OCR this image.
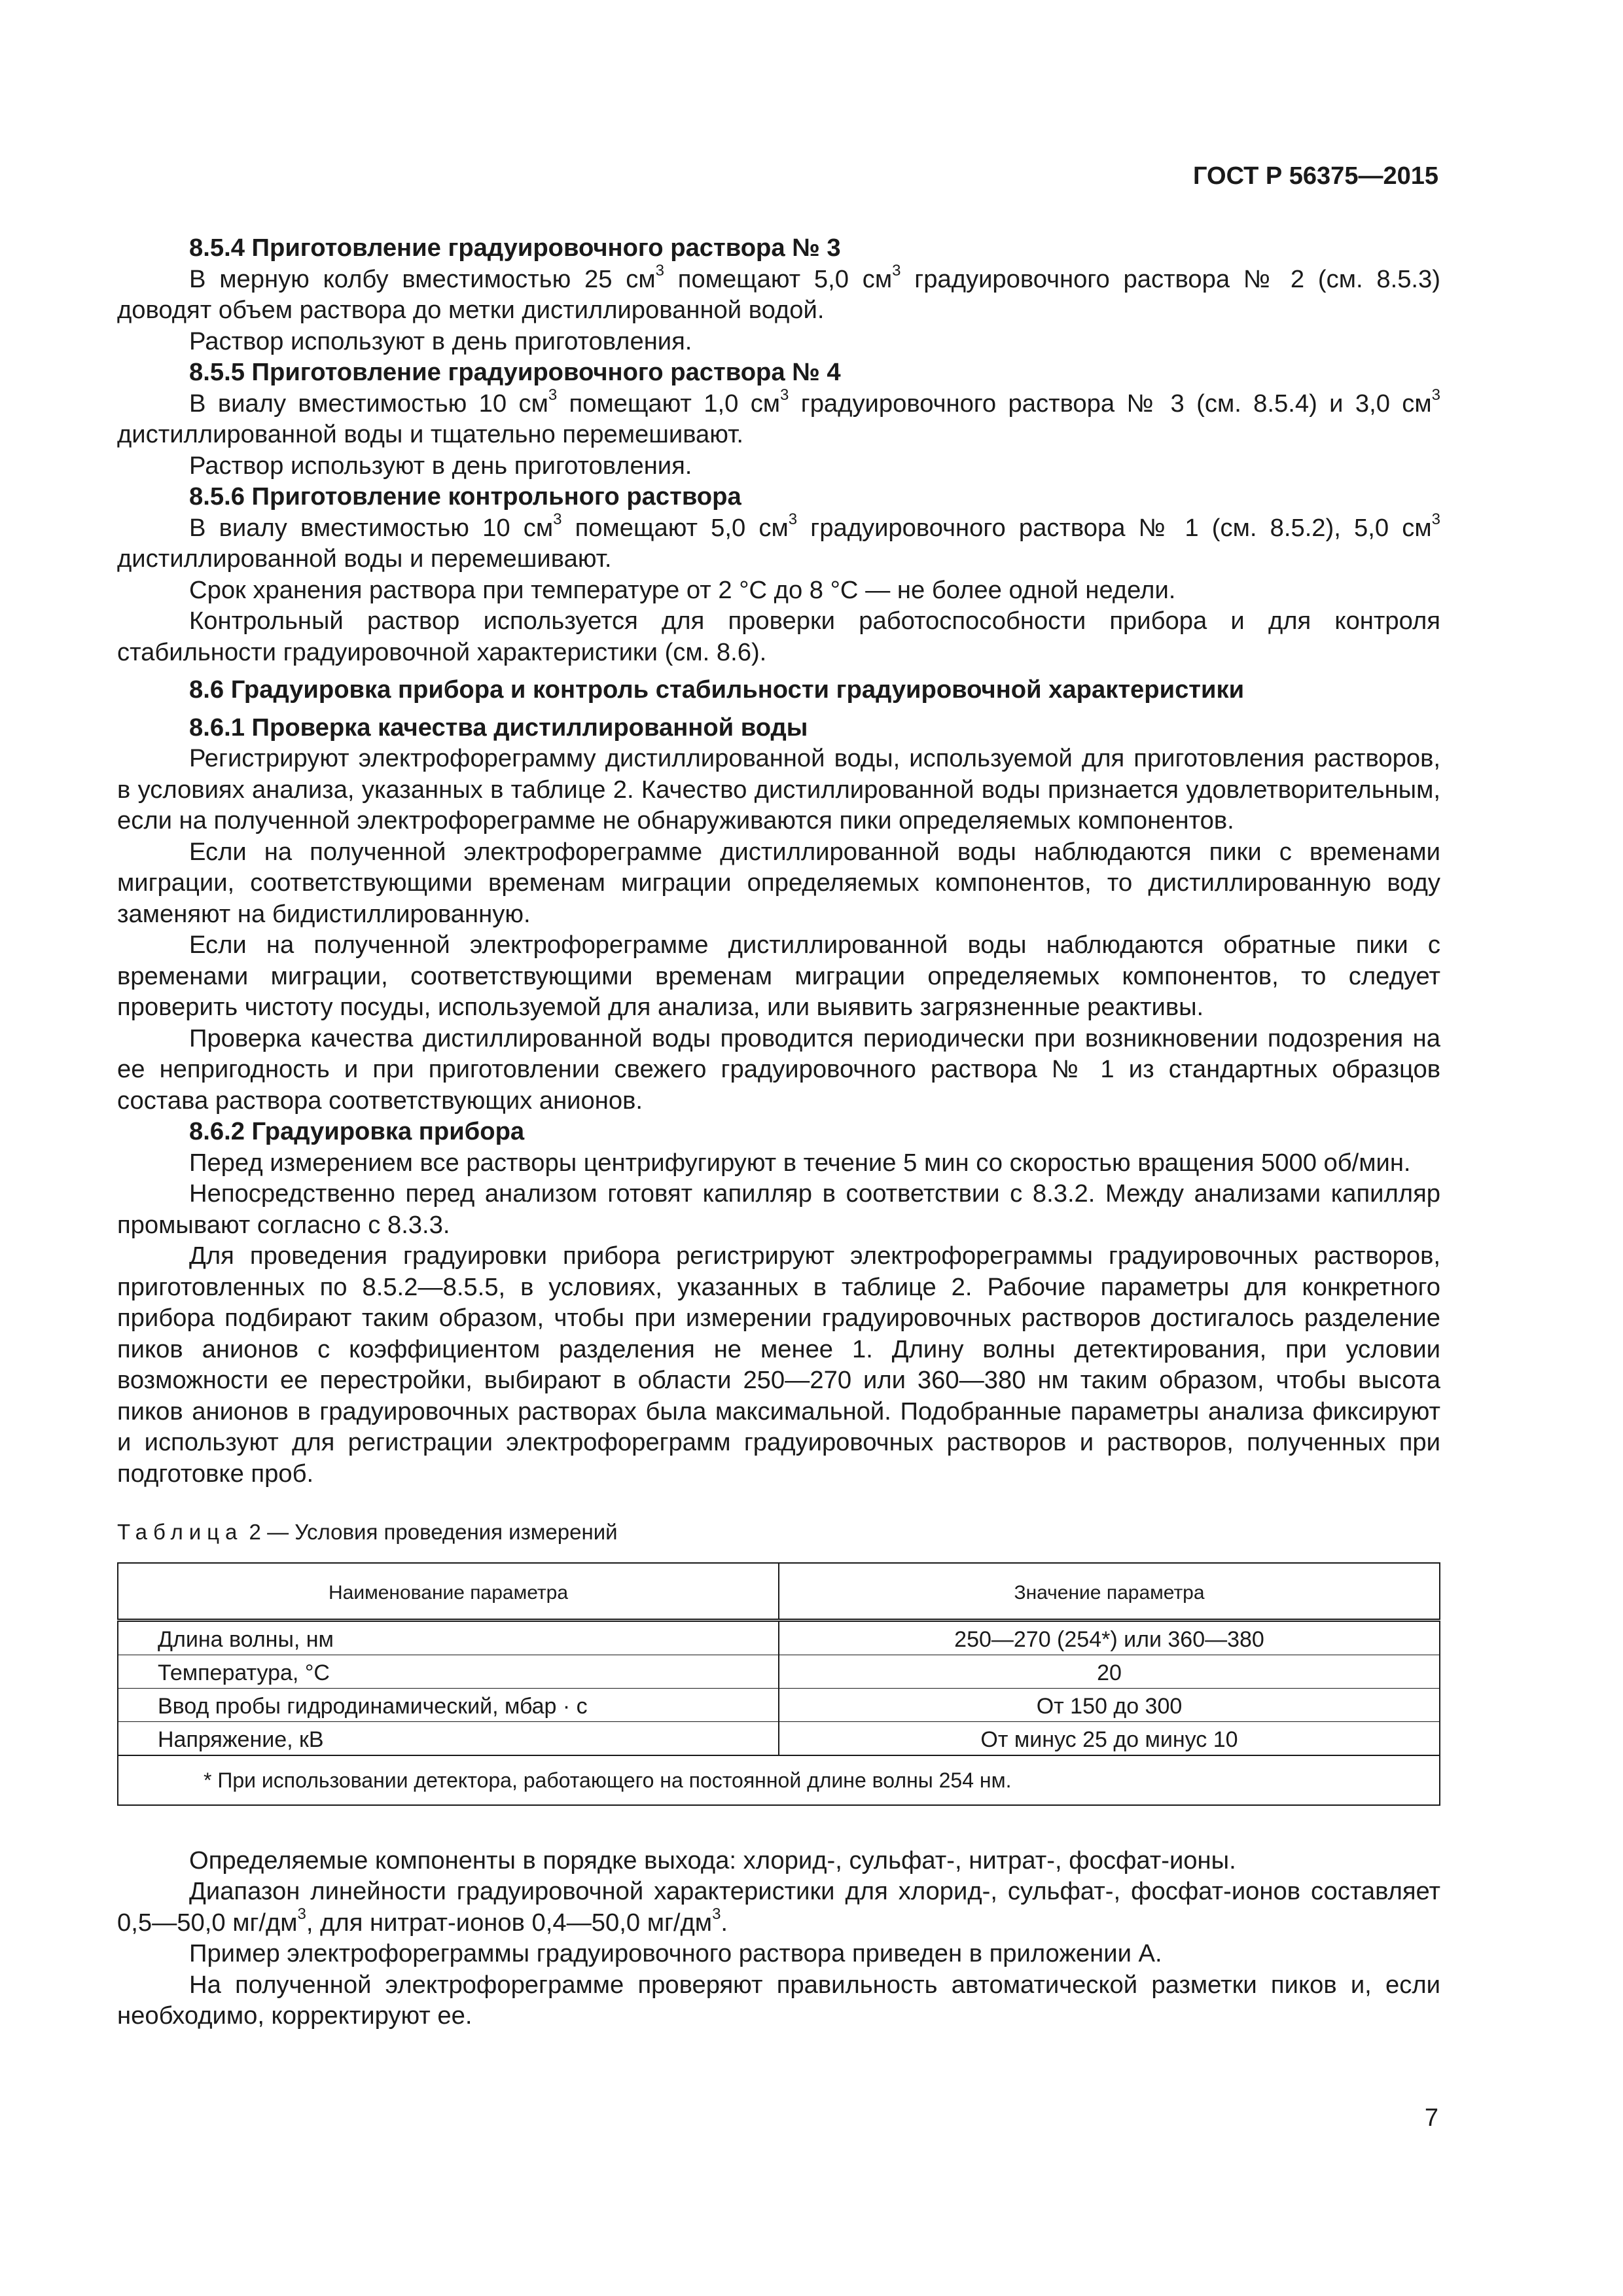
ГОСТ Р 56375—2015

8.5.4 Приготовление градуировочного раствора № 3

В мерную колбу вместимостью 25 $см^3$ помещают 5,0 $см^3$ градуировочного раствора № 2 (см. 8.5.3) доводят объем раствора до метки дистиллированной водой.

Раствор используют в день приготовления.

8.5.5 Приготовление градуировочного раствора № 4

В виалу вместимостью 10 $см^3$ помещают 1,0 $см^3$ градуировочного раствора № 3 (см. 8.5.4) и 3,0 $см^3$ дистиллированной воды и тщательно перемешивают.

Раствор используют в день приготовления.

8.5.6 Приготовление контрольного раствора

В виалу вместимостью 10 $см^3$ помещают 5,0 $см^3$ градуировочного раствора № 1 (см. 8.5.2), 5,0 $см^3$ дистиллированной воды и перемешивают.

Срок хранения раствора при температуре от 2 °С до 8 °С — не более одной недели.

Контрольный раствор используется для проверки работоспособности прибора и для контроля стабильности градуировочной характеристики (см. 8.6).

8.6 Градуировка прибора и контроль стабильности градуировочной характеристики

8.6.1 Проверка качества дистиллированной воды

Регистрируют электрофореграмму дистиллированной воды, используемой для приготовления растворов, в условиях анализа, указанных в таблице 2. Качество дистиллированной воды признается удовлетворительным, если на полученной электрофореграмме не обнаруживаются пики определяемых компонентов.

Если на полученной электрофореграмме дистиллированной воды наблюдаются пики с временами миграции, соответствующими временам миграции определяемых компонентов, то дистиллированную воду заменяют на бидистиллированную.

Если на полученной электрофореграмме дистиллированной воды наблюдаются обратные пики с временами миграции, соответствующими временам миграции определяемых компонентов, то следует проверить чистоту посуды, используемой для анализа, или выявить загрязненные реактивы.

Проверка качества дистиллированной воды проводится периодически при возникновении подозрения на ее непригодность и при приготовлении свежего градуировочного раствора № 1 из стандартных образцов состава раствора соответствующих анионов.

8.6.2 Градуировка прибора

Перед измерением все растворы центрифугируют в течение 5 мин со скоростью вращения 5000 об/мин.

Непосредственно перед анализом готовят капилляр в соответствии с 8.3.2. Между анализами капилляр промывают согласно с 8.3.3.

Для проведения градуировки прибора регистрируют электрофореграммы градуировочных растворов, приготовленных по 8.5.2—8.5.5, в условиях, указанных в таблице 2. Рабочие параметры для конкретного прибора подбирают таким образом, чтобы при измерении градуировочных растворов достигалось разделение пиков анионов с коэффициентом разделения не менее 1. Длину волны детектирования, при условии возможности ее перестройки, выбирают в области 250—270 или 360—380 нм таким образом, чтобы высота пиков анионов в градуировочных растворах была максимальной. Подобранные параметры анализа фиксируют и используют для регистрации электрофореграмм градуировочных растворов и растворов, полученных при подготовке проб.

Таблица 2 — Условия проведения измерений
Наименование параметра	Значение параметра
Длина волны, нм	250—270 (254*) или 360—380
Температура, °С	20
Ввод пробы гидродинамический, мбар · с	От 150 до 300
Напряжение, кВ	От минус 25 до минус 10
* При использовании детектора, работающего на постоянной длине волны 254 нм.	

Определяемые компоненты в порядке выхода: хлорид-, сульфат-, нитрат-, фосфат-ионы.

Диапазон линейности градуировочной характеристики для хлорид-, сульфат-, фосфат-ионов составляет 0,5—50,0 $мг/дм^3$, для нитрат-ионов 0,4—50,0 $мг/дм^3$.

Пример электрофореграммы градуировочного раствора приведен в приложении А.

На полученной электрофореграмме проверяют правильность автоматической разметки пиков и, если необходимо, корректируют ее.

7
